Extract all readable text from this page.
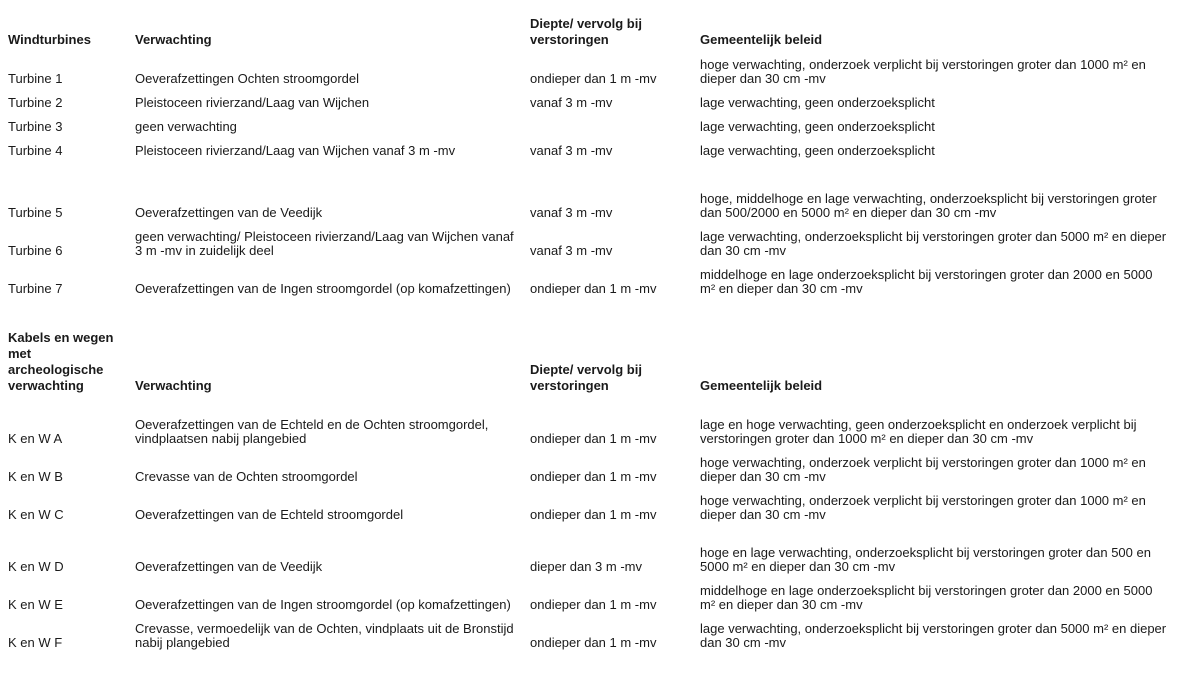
Windturbines	Verwachting	Diepte/ vervolg bij verstoringen	Gemeentelijk beleid
Turbine 1	Oeverafzettingen Ochten stroomgordel	ondieper dan 1 m -mv	hoge verwachting, onderzoek verplicht bij verstoringen groter dan 1000 m² en dieper dan 30 cm -mv
Turbine 2	Pleistoceen rivierzand/Laag van Wijchen	vanaf 3 m -mv	lage verwachting, geen onderzoeksplicht
Turbine 3	geen verwachting		lage verwachting, geen onderzoeksplicht
Turbine 4	Pleistoceen rivierzand/Laag van Wijchen vanaf 3 m -mv	vanaf 3 m -mv	lage verwachting, geen onderzoeksplicht
Turbine 5	Oeverafzettingen van de Veedijk	vanaf 3 m -mv	hoge, middelhoge en lage verwachting, onderzoeksplicht bij verstoringen groter dan 500/2000 en 5000 m² en dieper dan 30 cm -mv
Turbine 6	geen verwachting/ Pleistoceen rivierzand/Laag van Wijchen vanaf 3 m -mv in zuidelijk deel	vanaf 3 m -mv	lage verwachting, onderzoeksplicht bij verstoringen groter dan 5000 m² en dieper dan 30 cm -mv
Turbine 7	Oeverafzettingen van de Ingen stroomgordel (op komafzettingen)	ondieper dan 1 m -mv	middelhoge en lage onderzoeksplicht bij verstoringen groter dan 2000 en 5000 m² en dieper dan 30 cm -mv
Kabels en wegen met archeologische verwachting	Verwachting	Diepte/ vervolg bij verstoringen	Gemeentelijk beleid
K en W A	Oeverafzettingen van de Echteld en de Ochten stroomgordel, vindplaatsen nabij plangebied	ondieper dan 1 m -mv	lage en hoge verwachting, geen onderzoeksplicht en onderzoek verplicht bij verstoringen groter dan 1000 m² en dieper dan 30 cm -mv
K en W B	Crevasse van de Ochten stroomgordel	ondieper dan 1 m -mv	hoge verwachting, onderzoek verplicht bij verstoringen groter dan 1000 m² en dieper dan 30 cm -mv
K en W C	Oeverafzettingen van de Echteld stroomgordel	ondieper dan 1 m -mv	hoge verwachting, onderzoek verplicht bij verstoringen groter dan 1000 m² en dieper dan 30 cm -mv
K en W D	Oeverafzettingen van de Veedijk	dieper dan 3 m -mv	hoge en lage verwachting, onderzoeksplicht bij verstoringen groter dan 500 en 5000 m² en dieper dan 30 cm -mv
K en W E	Oeverafzettingen van de Ingen stroomgordel (op komafzettingen)	ondieper dan 1 m -mv	middelhoge en lage onderzoeksplicht bij verstoringen groter dan 2000 en 5000 m² en dieper dan 30 cm -mv
K en W F	Crevasse, vermoedelijk van de Ochten, vindplaats uit de Bronstijd nabij plangebied	ondieper dan 1 m -mv	lage verwachting, onderzoeksplicht bij verstoringen groter dan 5000 m² en dieper dan 30 cm -mv
